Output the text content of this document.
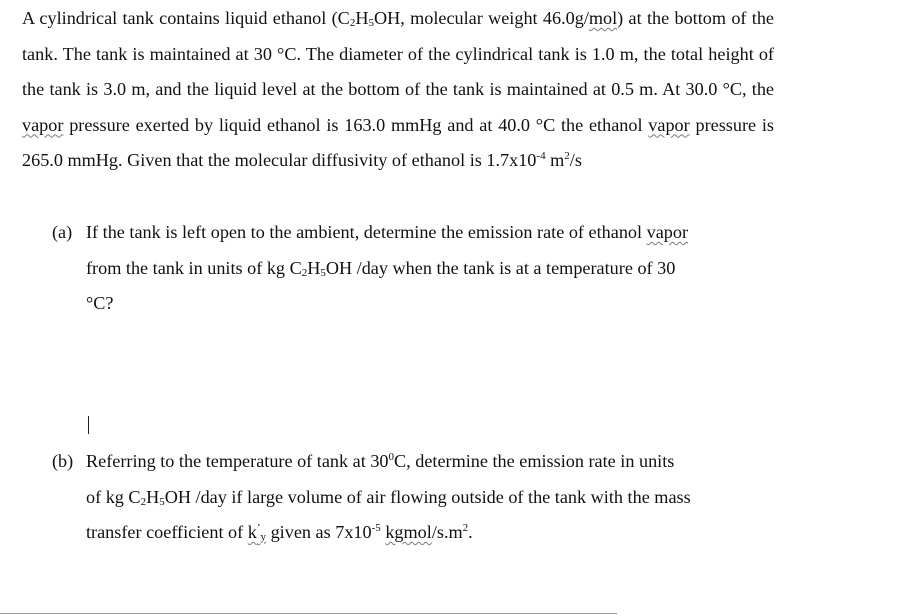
A cylindrical tank contains liquid ethanol ($C_2H_5OH$, molecular weight 46.0g/mol) at the bottom of the tank. The tank is maintained at 30 °C. The diameter of the cylindrical tank is 1.0 m, the total height of the tank is 3.0 m, and the liquid level at the bottom of the tank is maintained at 0.5 m. At 30.0 °C, the vapor pressure exerted by liquid ethanol is 163.0 mmHg and at 40.0 °C the ethanol vapor pressure is 265.0 mmHg. Given that the molecular diffusivity of ethanol is $1.7x10^{-4}$ $m^2/s$

(a) If the tank is left open to the ambient, determine the emission rate of ethanol vapor
from the tank in units of kg $C_2H_5OH$ /day when the tank is at a temperature of 30
°C?

(b) Referring to the temperature of tank at $30^0C$, determine the emission rate in units
of kg $C_2H_5OH$ /day if large volume of air flowing outside of the tank with the mass
transfer coefficient of $k^’_y$ given as $7x10^{-5}$ kgmol/$s.m^2$.
